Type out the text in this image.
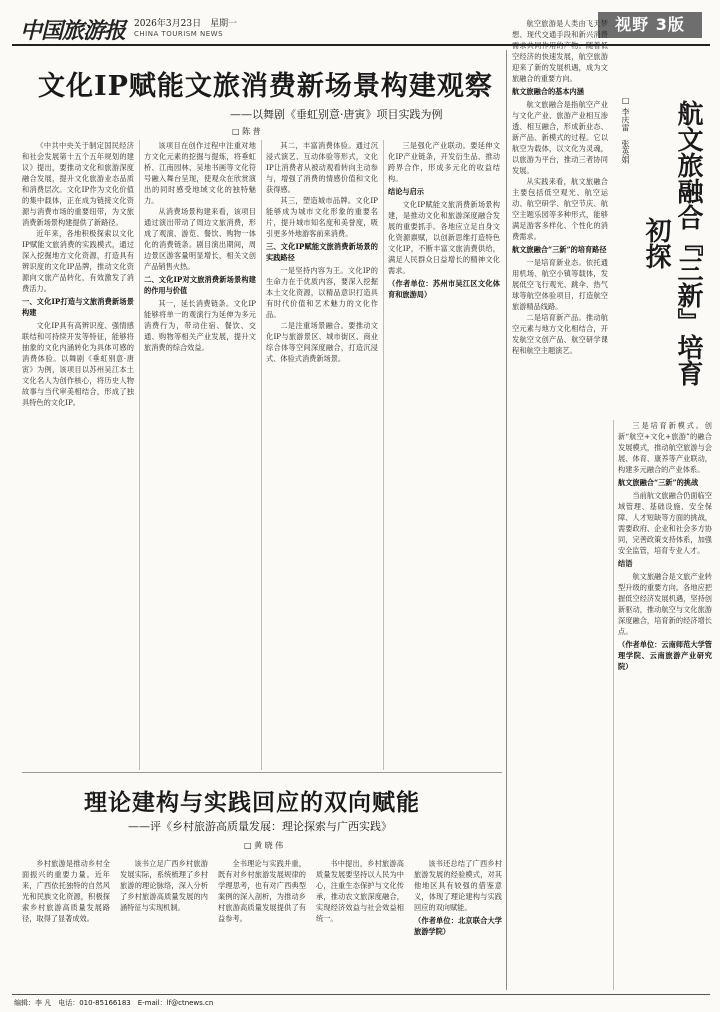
中国旅游报 2026年3月23日　星期一
CHINA TOURISM NEWS	视野 3版
文化IP赋能文旅消费新场景构建观察
——以舞剧《垂虹别意·唐寅》项目实践为例
□ 陈 普

《中共中央关于制定国民经济和社会发展第十五个五年规划的建议》提出，要推动文化和旅游深度融合发展，提升文化旅游业态品质和消费层次。文化IP作为文化价值的集中载体，正在成为链接文化资源与消费市场的重要纽带，为文旅消费新场景构建提供了新路径。

近年来，各地积极探索以文化IP赋能文旅消费的实践模式，通过深入挖掘地方文化资源，打造具有辨识度的文化IP品牌，推动文化资源向文旅产品转化，有效激发了消费活力。

一、文化IP打造与文旅消费新场景构建

文化IP具有高辨识度、强情感联结和可持续开发等特征，能够将抽象的文化内涵转化为具体可感的消费体验。以舞剧《垂虹别意·唐寅》为例，该项目以苏州吴江本土文化名人为创作核心，将历史人物故事与当代审美相结合，形成了独具特色的文化IP。

该项目在创作过程中注重对地方文化元素的挖掘与提炼，将垂虹桥、江南园林、吴地书画等文化符号融入舞台呈现，使观众在欣赏演出的同时感受地域文化的独特魅力。

从消费场景构建来看，该项目通过演出带动了周边文旅消费，形成了观演、游览、餐饮、购物一体化的消费链条。剧目演出期间，周边景区游客量明显增长，相关文创产品销售火热。

二、文化IP对文旅消费新场景构建的作用与价值

其一，延长消费链条。文化IP能够将单一的观演行为延伸为多元消费行为，带动住宿、餐饮、交通、购物等相关产业发展，提升文旅消费的综合效益。

其二，丰富消费体验。通过沉浸式演艺、互动体验等形式，文化IP让消费者从被动观看转向主动参与，增强了消费的情感价值和文化获得感。

其三，塑造城市品牌。文化IP能够成为城市文化形象的重要名片，提升城市知名度和美誉度，吸引更多外地游客前来消费。

三、文化IP赋能文旅消费新场景的实践路径

一是坚持内容为王。文化IP的生命力在于优质内容，要深入挖掘本土文化资源，以精品意识打造具有时代价值和艺术魅力的文化作品。

二是注重场景融合。要推动文化IP与旅游景区、城市街区、商业综合体等空间深度融合，打造沉浸式、体验式消费新场景。

三是强化产业联动。要延伸文化IP产业链条，开发衍生品、推动跨界合作，形成多元化的收益结构。

结论与启示

文化IP赋能文旅消费新场景构建，是推动文化和旅游深度融合发展的重要抓手。各地应立足自身文化资源禀赋，以创新思维打造特色文化IP，不断丰富文旅消费供给，满足人民群众日益增长的精神文化需求。

（作者单位：苏州市吴江区文化体育和旅游局）

理论建构与实践回应的双向赋能
——评《乡村旅游高质量发展：理论探索与广西实践》
□ 黄 晓 伟

乡村旅游是推动乡村全面振兴的重要力量。近年来，广西依托独特的自然风光和民族文化资源，积极探索乡村旅游高质量发展路径，取得了显著成效。

该书立足广西乡村旅游发展实际，系统梳理了乡村旅游的理论脉络，深入分析了乡村旅游高质量发展的内涵特征与实现机制。

全书理论与实践并重，既有对乡村旅游发展规律的学理思考，也有对广西典型案例的深入剖析，为推动乡村旅游高质量发展提供了有益参考。

书中提出，乡村旅游高质量发展要坚持以人民为中心，注重生态保护与文化传承，推动农文旅深度融合，实现经济效益与社会效益相统一。

该书还总结了广西乡村旅游发展的经验模式，对其他地区具有较强的借鉴意义，体现了理论建构与实践回应的双向赋能。

（作者单位：北京联合大学旅游学院）

航空旅游是人类由飞天梦想、现代交通手段和新兴消费需求共同作用的产物。随着低空经济的快速发展，航空旅游迎来了新的发展机遇，成为文旅融合的重要方向。

航文旅融合的基本内涵

航文旅融合是指航空产业与文化产业、旅游产业相互渗透、相互融合，形成新业态、新产品、新模式的过程。它以航空为载体，以文化为灵魂，以旅游为平台，推动三者协同发展。

从实践来看，航文旅融合主要包括低空观光、航空运动、航空研学、航空节庆、航空主题乐园等多种形式，能够满足游客多样化、个性化的消费需求。

航文旅融合“三新”的培育路径

一是培育新业态。依托通用机场、航空小镇等载体，发展低空飞行观光、跳伞、热气球等航空体验项目，打造航空旅游精品线路。

二是培育新产品。推动航空元素与地方文化相结合，开发航空文创产品、航空研学课程和航空主题演艺。	航文旅融合『三新』培育初探
□ 李庆雷　张英娟

三是培育新模式。创新“航空+文化+旅游”的融合发展模式，推动航空旅游与会展、体育、康养等产业联动，构建多元融合的产业体系。

航文旅融合“三新”的挑战

当前航文旅融合仍面临空域管理、基础设施、安全保障、人才短缺等方面的挑战，需要政府、企业和社会多方协同，完善政策支持体系，加强安全监管，培育专业人才。

结语

航文旅融合是文旅产业转型升级的重要方向。各地应把握低空经济发展机遇，坚持创新驱动，推动航空与文化旅游深度融合，培育新的经济增长点。

（作者单位：云南师范大学管理学院、云南旅游产业研究院）

编辑：李 凡　电话：010-85166183　E-mail：lf@ctnews.cn
